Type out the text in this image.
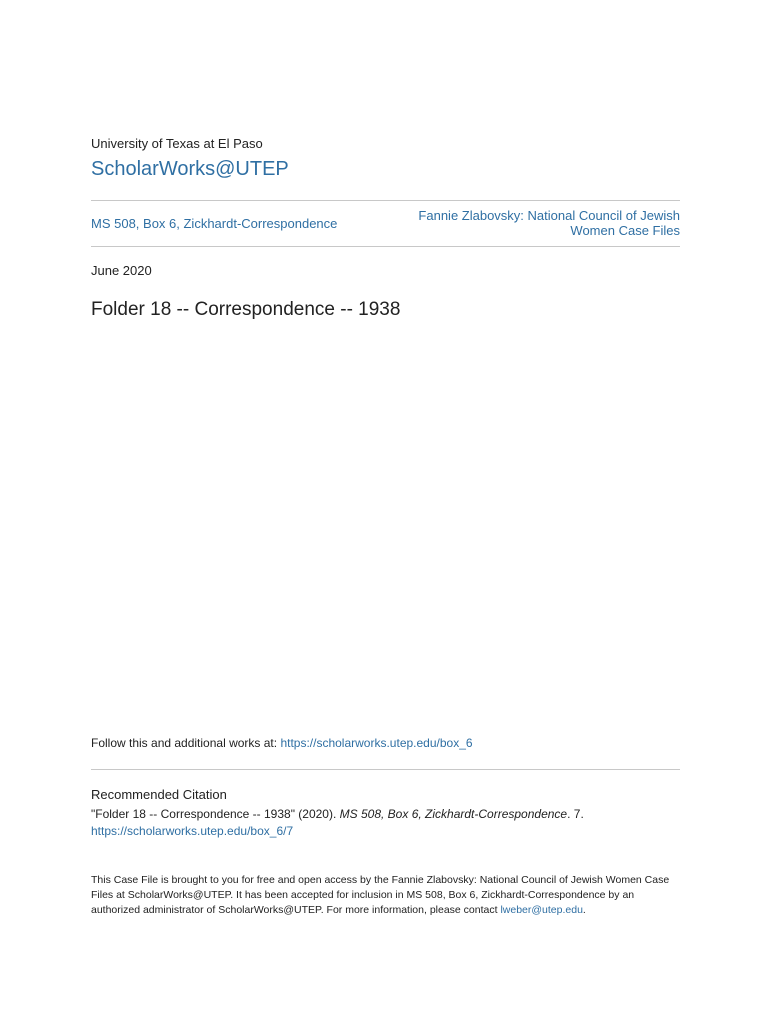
University of Texas at El Paso
ScholarWorks@UTEP
MS 508, Box 6, Zickhardt-Correspondence
Fannie Zlabovsky: National Council of Jewish Women Case Files
June 2020
Folder 18 -- Correspondence -- 1938
Follow this and additional works at: https://scholarworks.utep.edu/box_6
Recommended Citation
"Folder 18 -- Correspondence -- 1938" (2020). MS 508, Box 6, Zickhardt-Correspondence. 7.
https://scholarworks.utep.edu/box_6/7
This Case File is brought to you for free and open access by the Fannie Zlabovsky: National Council of Jewish Women Case Files at ScholarWorks@UTEP. It has been accepted for inclusion in MS 508, Box 6, Zickhardt-Correspondence by an authorized administrator of ScholarWorks@UTEP. For more information, please contact lweber@utep.edu.
